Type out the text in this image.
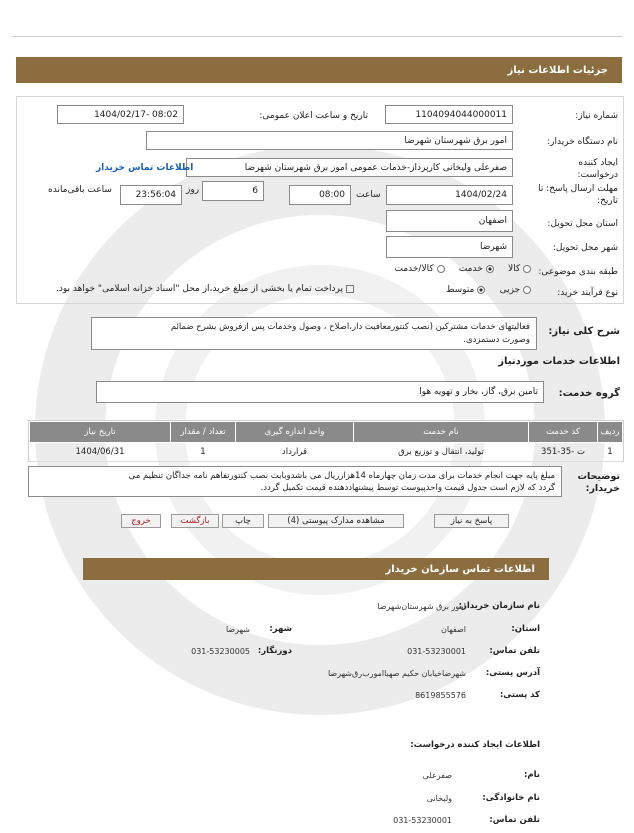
جزئیات اطلاعات نیاز
شماره نیاز:
1104094044000011
تاریخ و ساعت اعلان عمومی:
1404/02/17- 08:02
نام دستگاه خریدار:
امور برق شهرستان شهرضا
ایجاد کننده درخواست:
صفرعلی ولیخانی کارپرداز-خدمات عمومی امور برق شهرستان شهرضا
اطلاعات تماس خریدار
مهلت ارسال پاسخ: تا تاریخ:
1404/02/24
ساعت
08:00
6
روز
23:56:04
ساعت باقی‌مانده
استان محل تحویل:
اصفهان
شهر محل تحویل:
شهرضا
طبقه بندی موضوعی:
کالا      خدمت      کالا/خدمت
نوع فرآیند خرید:
جزیی      متوسط
پرداخت تمام یا بخشی از مبلغ خرید،از محل "اسناد خزانه اسلامی" خواهد بود.
شرح کلی نیاز:
فعالیتهای خدمات مشترکین (نصب کنتورمعافیت دار،اصلاح ، وصول وخدمات پس ازفروش بشرح ضمائم
وصورت دستمزدی.
اطلاعات خدمات موردنیاز
گروه خدمت:
تامین برق، گاز، بخار و تهویه هوا
ردیف	کد خدمت	نام خدمت	واحد اندازه گیری	تعداد / مقدار	تاریخ نیاز
1	ت -35-351	تولید، انتقال و توزیع برق	قرارداد	1	1404/06/31
توضیحات خریدار:
مبلغ پایه جهت انجام خدمات برای مدت زمان چهارماه 14هزارریال می باشدوبابت نصب کنتورتفاهم نامه جداگان تنظیم می
گردد که لازم است جدول قیمت واحدپیوست توسط پیشنهاددهنده قیمت تکمیل گردد.
پاسخ به نیاز
مشاهده مدارک پیوستی (4)
چاپ
بازگشت
خروج
اطلاعات تماس سازمان خریدار
نام سازمان خریدار:
امور برق شهرستان‌شهرضا
استان:
اصفهان
شهر:
شهرضا
تلفن تماس:
031-53230001
دورنگار:
031-53230005
آدرس پستی:
شهرضاخیابان حکیم صهباامورب‌رق‌شهرضا
کد پستی:
8619855576
اطلاعات ایجاد کننده درخواست:
نام:
صفرعلی
نام خانوادگی:
ولیخانی
تلفن تماس:
031-53230001
